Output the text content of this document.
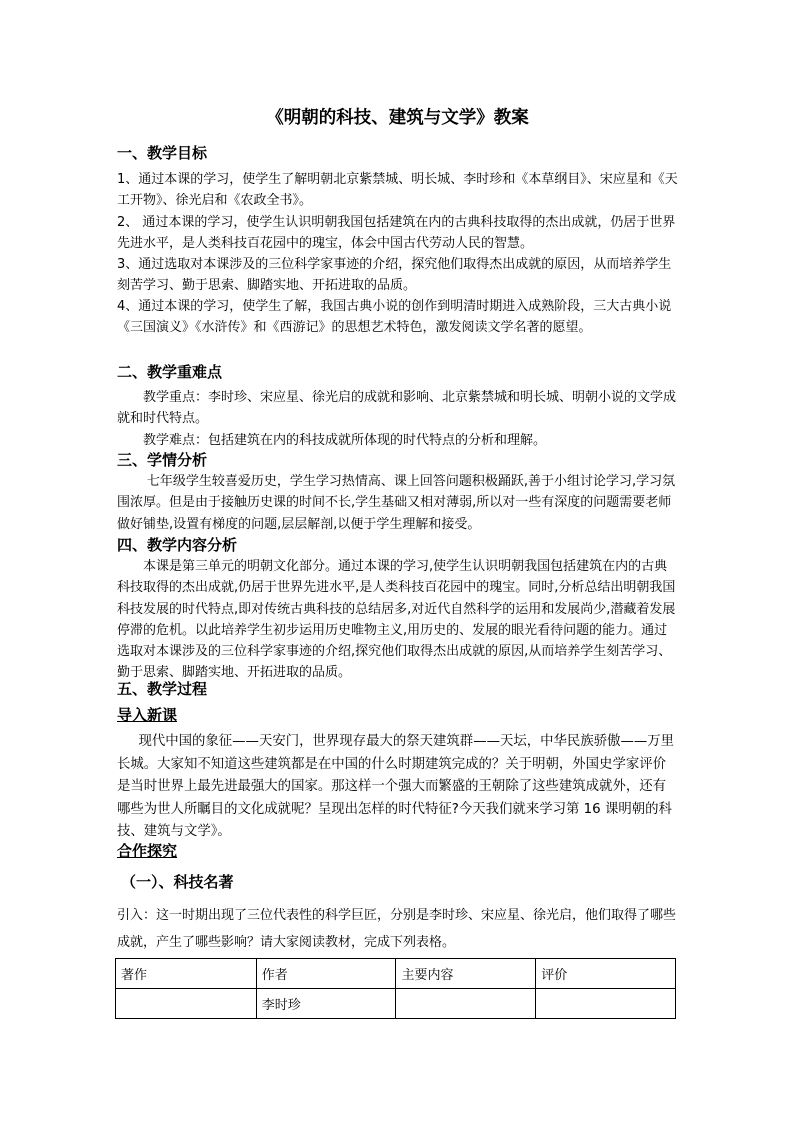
《明朝的科技、建筑与文学》教案
一、教学目标
1、通过本课的学习，使学生了解明朝北京紫禁城、明长城、李时珍和《本草纲目》、宋应星和《天工开物》、徐光启和《农政全书》。
2、 通过本课的学习，使学生认识明朝我国包括建筑在内的古典科技取得的杰出成就，仍居于世界先进水平，是人类科技百花园中的瑰宝，体会中国古代劳动人民的智慧。
3、通过选取对本课涉及的三位科学家事迹的介绍，探究他们取得杰出成就的原因，从而培养学生刻苦学习、勤于思索、脚踏实地、开拓进取的品质。
4、通过本课的学习，使学生了解，我国古典小说的创作到明清时期进入成熟阶段，三大古典小说《三国演义》《水浒传》和《西游记》的思想艺术特色，激发阅读文学名著的愿望。
二、教学重难点
教学重点：李时珍、宋应星、徐光启的成就和影响、北京紫禁城和明长城、明朝小说的文学成就和时代特点。
教学难点：包括建筑在内的科技成就所体现的时代特点的分析和理解。
三、学情分析
七年级学生较喜爱历史，学生学习热情高、课上回答问题积极踊跃,善于小组讨论学习,学习氛围浓厚。但是由于接触历史课的时间不长,学生基础又相对薄弱,所以对一些有深度的问题需要老师做好铺垫,设置有梯度的问题,层层解剖,以便于学生理解和接受。
四、教学内容分析
本课是第三单元的明朝文化部分。通过本课的学习,使学生认识明朝我国包括建筑在内的古典科技取得的杰出成就,仍居于世界先进水平,是人类科技百花园中的瑰宝。同时,分析总结出明朝我国科技发展的时代特点,即对传统古典科技的总结居多,对近代自然科学的运用和发展尚少,潜藏着发展停滞的危机。以此培养学生初步运用历史唯物主义,用历史的、发展的眼光看待问题的能力。通过选取对本课涉及的三位科学家事迹的介绍,探究他们取得杰出成就的原因,从而培养学生刻苦学习、勤于思索、脚踏实地、开拓进取的品质。
五、教学过程
导入新课
现代中国的象征——天安门，世界现存最大的祭天建筑群——天坛，中华民族骄傲——万里长城。大家知不知道这些建筑都是在中国的什么时期建筑完成的？关于明朝，外国史学家评价是当时世界上最先进最强大的国家。那这样一个强大而繁盛的王朝除了这些建筑成就外，还有哪些为世人所瞩目的文化成就呢？呈现出怎样的时代特征?今天我们就来学习第 16 课明朝的科技、建筑与文学》。
合作探究
（一）、科技名著
引入：这一时期出现了三位代表性的科学巨匠，分别是李时珍、宋应星、徐光启，他们取得了哪些成就，产生了哪些影响？请大家阅读教材，完成下列表格。
著作	作者	主要内容	评价
	李时珍		
